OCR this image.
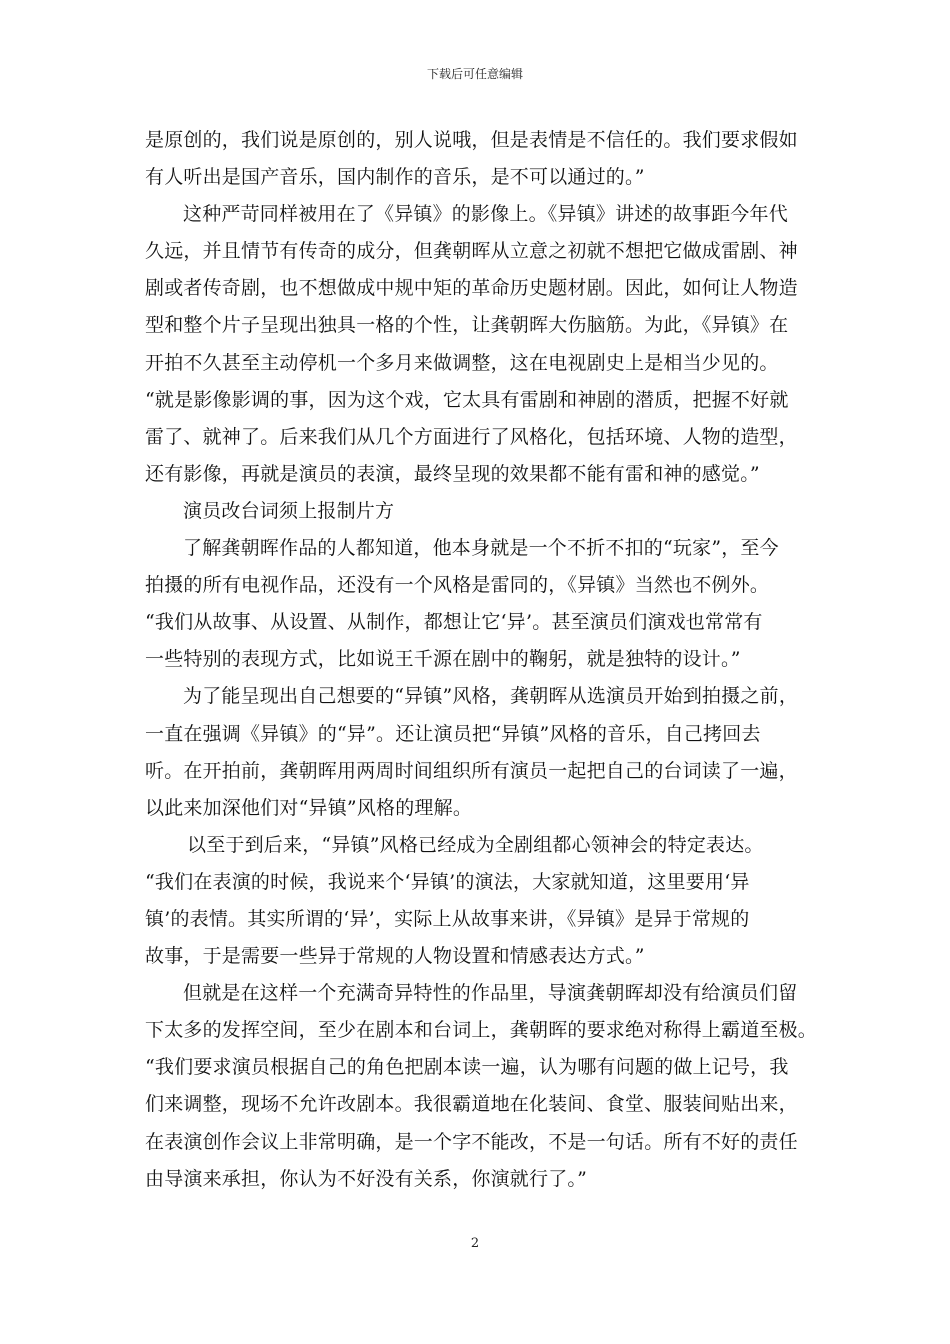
下载后可任意编辑
是原创的，我们说是原创的，别人说哦，但是表情是不信任的。我们要求假如
有人听出是国产音乐，国内制作的音乐，是不可以通过的。”
这种严苛同样被用在了《异镇》的影像上。《异镇》讲述的故事距今年代
久远，并且情节有传奇的成分，但龚朝晖从立意之初就不想把它做成雷剧、神
剧或者传奇剧，也不想做成中规中矩的革命历史题材剧。因此，如何让人物造
型和整个片子呈现出独具一格的个性，让龚朝晖大伤脑筋。为此，《异镇》在
开拍不久甚至主动停机一个多月来做调整，这在电视剧史上是相当少见的。
“就是影像影调的事，因为这个戏，它太具有雷剧和神剧的潜质，把握不好就
雷了、就神了。后来我们从几个方面进行了风格化，包括环境、人物的造型，
还有影像，再就是演员的表演，最终呈现的效果都不能有雷和神的感觉。”
演员改台词须上报制片方
了解龚朝晖作品的人都知道，他本身就是一个不折不扣的“玩家”，至今
拍摄的所有电视作品，还没有一个风格是雷同的，《异镇》当然也不例外。
“我们从故事、从设置、从制作，都想让它‘异’。甚至演员们演戏也常常有
一些特别的表现方式，比如说王千源在剧中的鞠躬，就是独特的设计。”
为了能呈现出自己想要的“异镇”风格，龚朝晖从选演员开始到拍摄之前，
一直在强调《异镇》的“异”。还让演员把“异镇”风格的音乐，自己拷回去
听。在开拍前，龚朝晖用两周时间组织所有演员一起把自己的台词读了一遍，
以此来加深他们对“异镇”风格的理解。
以至于到后来，“异镇”风格已经成为全剧组都心领神会的特定表达。
“我们在表演的时候，我说来个‘异镇’的演法，大家就知道，这里要用‘异
镇’的表情。其实所谓的‘异’，实际上从故事来讲，《异镇》是异于常规的
故事，于是需要一些异于常规的人物设置和情感表达方式。”
但就是在这样一个充满奇异特性的作品里，导演龚朝晖却没有给演员们留
下太多的发挥空间，至少在剧本和台词上，龚朝晖的要求绝对称得上霸道至极。
“我们要求演员根据自己的角色把剧本读一遍，认为哪有问题的做上记号，我
们来调整，现场不允许改剧本。我很霸道地在化装间、食堂、服装间贴出来，
在表演创作会议上非常明确，是一个字不能改，不是一句话。所有不好的责任
由导演来承担，你认为不好没有关系，你演就行了。”
2
